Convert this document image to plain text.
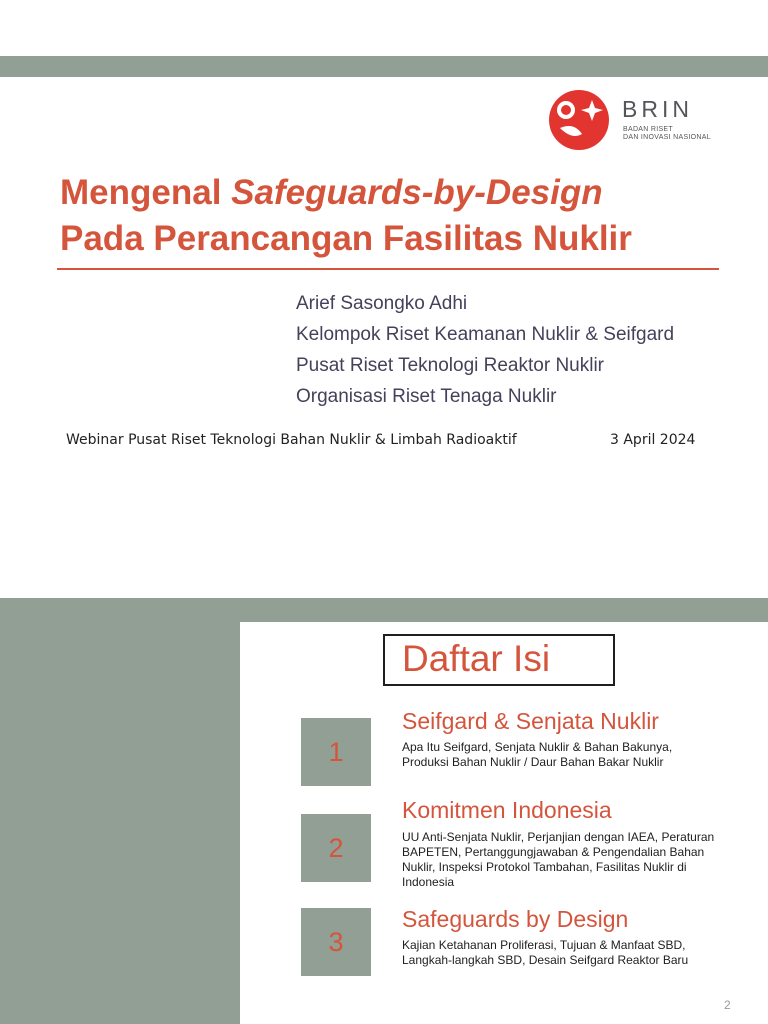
BRIN
BADAN RISET
DAN INOVASI NASIONAL
Mengenal Safeguards-by-Design
Pada Perancangan Fasilitas Nuklir
Arief Sasongko Adhi
Kelompok Riset Keamanan Nuklir & Seifgard
Pusat Riset Teknologi Reaktor Nuklir
Organisasi Riset Tenaga Nuklir
Webinar Pusat Riset Teknologi Bahan Nuklir & Limbah Radioaktif	3 April 2024
Daftar Isi
1
Seifgard & Senjata Nuklir
Apa Itu Seifgard, Senjata Nuklir & Bahan Bakunya, Produksi Bahan Nuklir / Daur Bahan Bakar Nuklir
2
Komitmen Indonesia
UU Anti-Senjata Nuklir, Perjanjian dengan IAEA, Peraturan BAPETEN, Pertanggungjawaban & Pengendalian Bahan Nuklir, Inspeksi Protokol Tambahan, Fasilitas Nuklir di Indonesia
3
Safeguards by Design
Kajian Ketahanan Proliferasi, Tujuan & Manfaat SBD, Langkah-langkah SBD, Desain Seifgard Reaktor Baru
2
